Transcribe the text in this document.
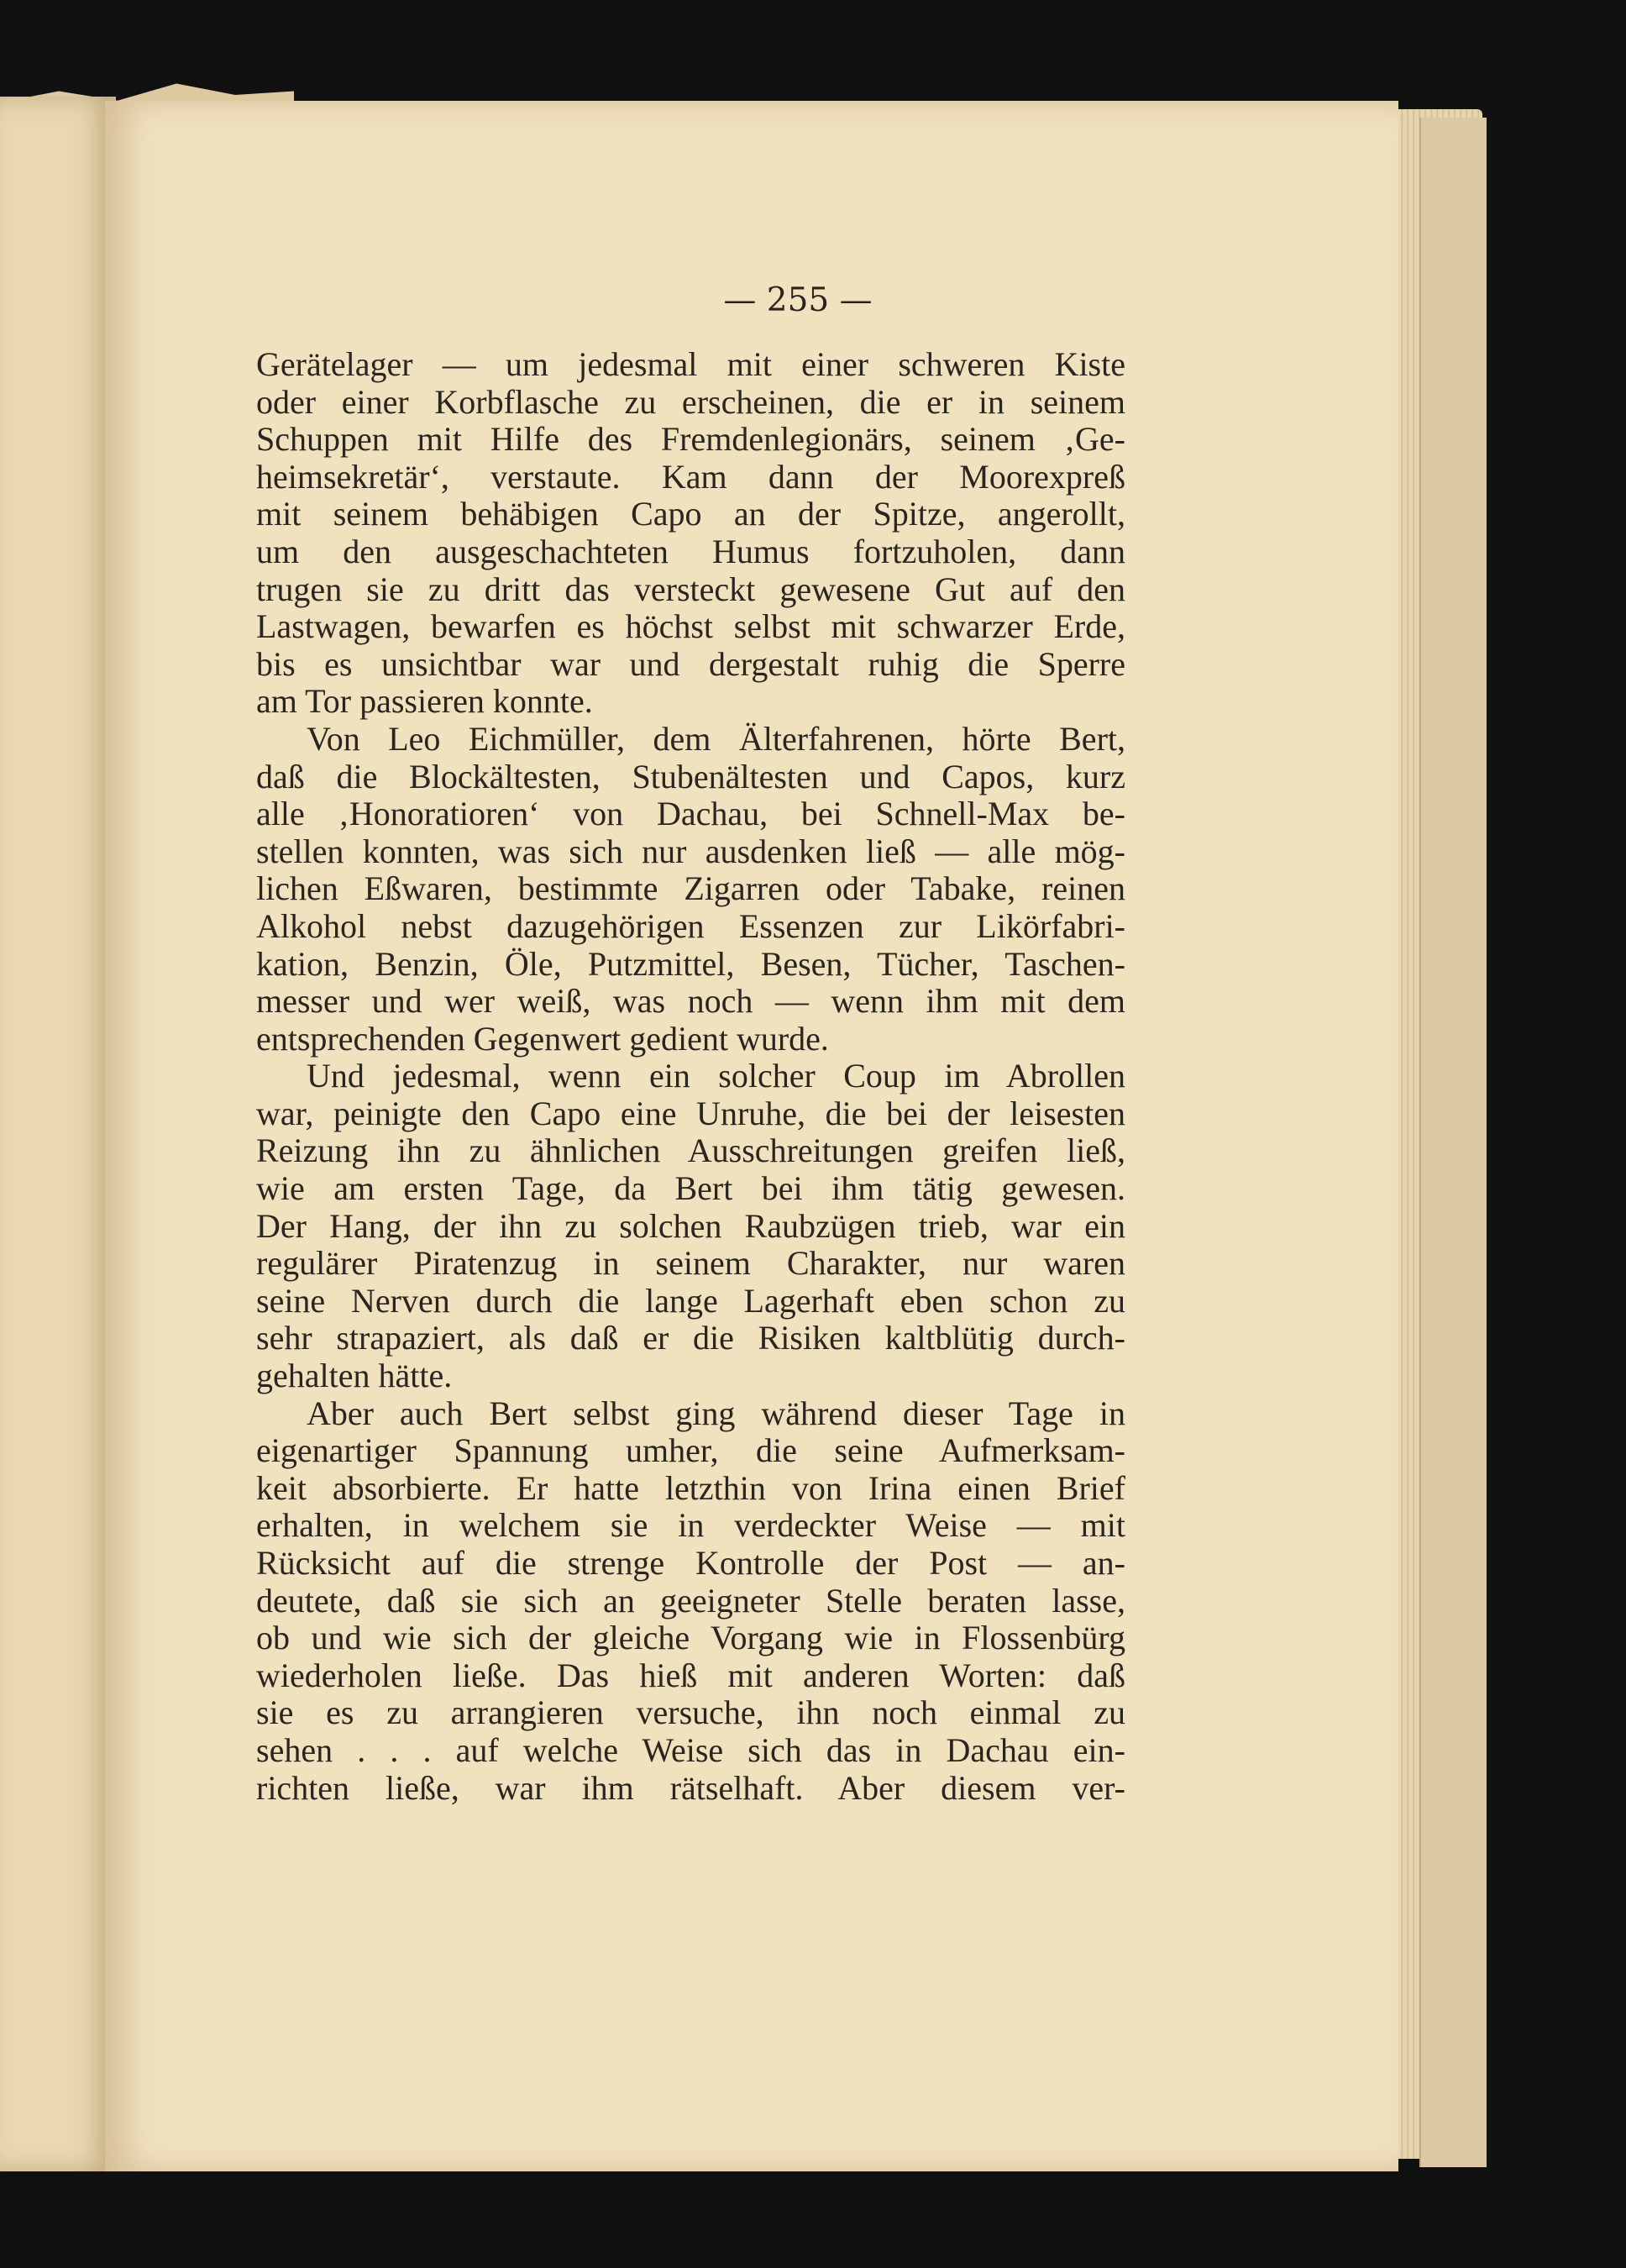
— 255 —
Gerätelager — um jedesmal mit einer schweren Kiste
oder einer Korbflasche zu erscheinen, die er in seinem
Schuppen mit Hilfe des Fremdenlegionärs, seinem ‚Ge-
heimsekretär‘, verstaute. Kam dann der Moorexpreß
mit seinem behäbigen Capo an der Spitze, angerollt,
um den ausgeschachteten Humus fortzuholen, dann
trugen sie zu dritt das versteckt gewesene Gut auf den
Lastwagen, bewarfen es höchst selbst mit schwarzer Erde,
bis es unsichtbar war und dergestalt ruhig die Sperre
am Tor passieren konnte.
Von Leo Eichmüller, dem Älterfahrenen, hörte Bert,
daß die Blockältesten, Stubenältesten und Capos, kurz
alle ‚Honoratioren‘ von Dachau, bei Schnell-Max be-
stellen konnten, was sich nur ausdenken ließ — alle mög-
lichen Eßwaren, bestimmte Zigarren oder Tabake, reinen
Alkohol nebst dazugehörigen Essenzen zur Likörfabri-
kation, Benzin, Öle, Putzmittel, Besen, Tücher, Taschen-
messer und wer weiß, was noch — wenn ihm mit dem
entsprechenden Gegenwert gedient wurde.
Und jedesmal, wenn ein solcher Coup im Abrollen
war, peinigte den Capo eine Unruhe, die bei der leisesten
Reizung ihn zu ähnlichen Ausschreitungen greifen ließ,
wie am ersten Tage, da Bert bei ihm tätig gewesen.
Der Hang, der ihn zu solchen Raubzügen trieb, war ein
regulärer Piratenzug in seinem Charakter, nur waren
seine Nerven durch die lange Lagerhaft eben schon zu
sehr strapaziert, als daß er die Risiken kaltblütig durch-
gehalten hätte.
Aber auch Bert selbst ging während dieser Tage in
eigenartiger Spannung umher, die seine Aufmerksam-
keit absorbierte. Er hatte letzthin von Irina einen Brief
erhalten, in welchem sie in verdeckter Weise — mit
Rücksicht auf die strenge Kontrolle der Post — an-
deutete, daß sie sich an geeigneter Stelle beraten lasse,
ob und wie sich der gleiche Vorgang wie in Flossenbürg
wiederholen ließe. Das hieß mit anderen Worten: daß
sie es zu arrangieren versuche, ihn noch einmal zu
sehen . . . auf welche Weise sich das in Dachau ein-
richten ließe, war ihm rätselhaft. Aber diesem ver-
